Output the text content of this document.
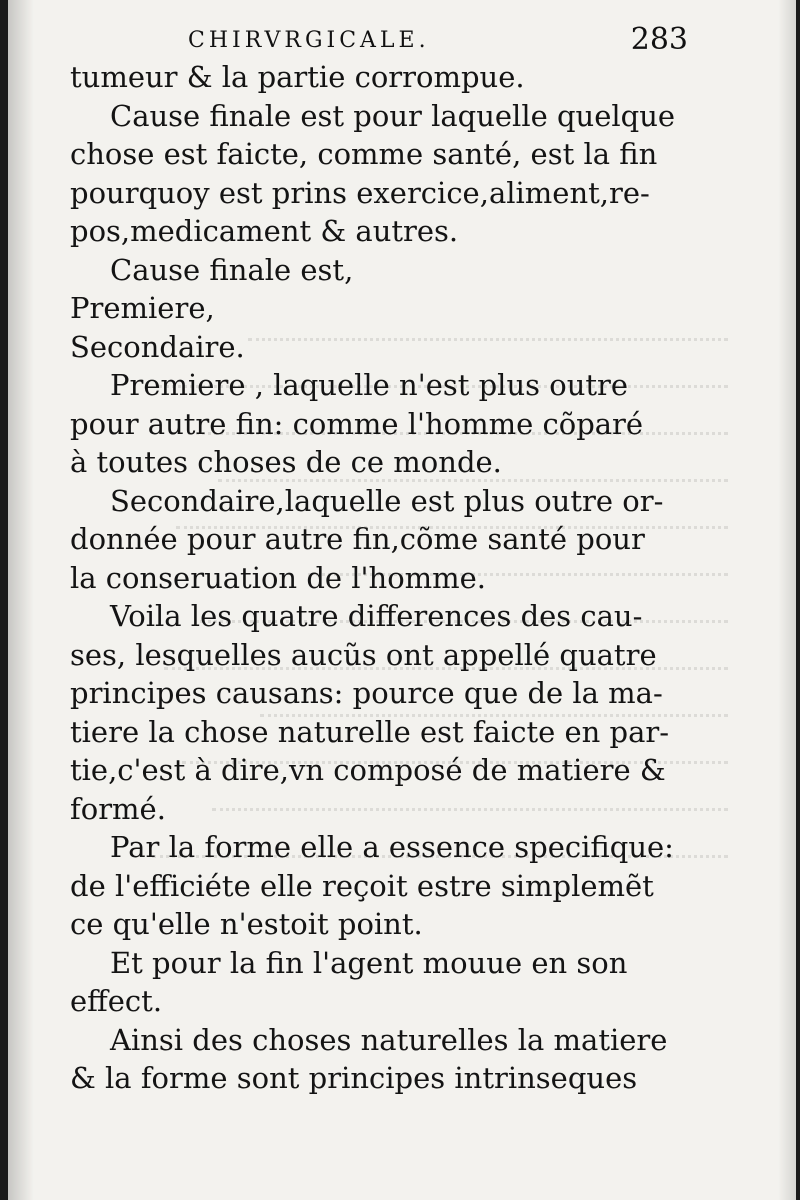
CHIRVRGICALE.	283
tumeur & la partie corrompue.
Cause finale est pour laquelle quelque
chose est faicte, comme santé, est la fin
pourquoy est prins exercice,aliment,re-
pos,medicament & autres.
Cause finale est,
Premiere,
Secondaire.
Premiere , laquelle n'est plus outre
pour autre fin: comme l'homme cõparé
à toutes choses de ce monde.
Secondaire,laquelle est plus outre or-
donnée pour autre fin,cõme santé pour
la conseruation de l'homme.
Voila les quatre differences des cau-
ses, lesquelles aucũs ont appellé quatre
principes causans: pource que de la ma-
tiere la chose naturelle est faicte en par-
tie,c'est à dire,vn composé de matiere &
formé.
Par la forme elle a essence specifique:
de l'efficiéte elle reçoit estre simplemẽt
ce qu'elle n'estoit point.
Et pour la fin l'agent mouue en son
effect.
Ainsi des choses naturelles la matiere
& la forme sont principes intrinseques
